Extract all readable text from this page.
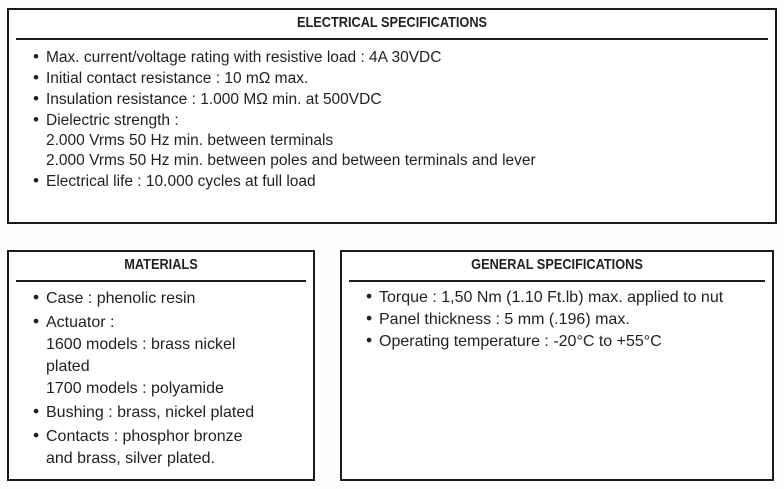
ELECTRICAL SPECIFICATIONS
• Max. current/voltage rating with resistive load : 4A 30VDC
• Initial contact resistance : 10 mΩ max.
• Insulation resistance : 1.000 MΩ min. at 500VDC
• Dielectric strength :
2.000 Vrms 50 Hz min. between terminals
2.000 Vrms 50 Hz min. between poles and between terminals and lever
• Electrical life : 10.000 cycles at full load
MATERIALS
• Case : phenolic resin
• Actuator :
1600 models : brass nickel
plated
1700 models : polyamide
• Bushing : brass, nickel plated
• Contacts : phosphor bronze
and brass, silver plated.
GENERAL SPECIFICATIONS
• Torque : 1,50 Nm (1.10 Ft.lb) max. applied to nut
• Panel thickness : 5 mm (.196) max.
• Operating temperature : -20°C to +55°C
